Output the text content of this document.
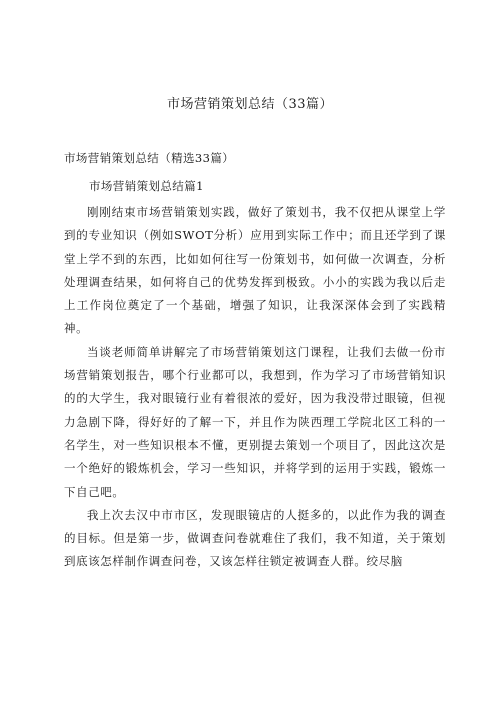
市场营销策划总结（33篇）
市场营销策划总结（精选33篇）
市场营销策划总结篇1

刚刚结束市场营销策划实践，做好了策划书，我不仅把从课堂上学到的专业知识（例如SWOT分析）应用到实际工作中；而且还学到了课堂上学不到的东西，比如如何往写一份策划书，如何做一次调查，分析处理调查结果，如何将自己的优势发挥到极致。小小的实践为我以后走上工作岗位奠定了一个基础，增强了知识，让我深深体会到了实践精神。

当谈老师简单讲解完了市场营销策划这门课程，让我们去做一份市场营销策划报告，哪个行业都可以，我想到，作为学习了市场营销知识的的大学生，我对眼镜行业有着很浓的爱好，因为我没带过眼镜，但视力急剧下降，得好好的了解一下，并且作为陕西理工学院北区工科的一名学生，对一些知识根本不懂，更别提去策划一个项目了，因此这次是一个绝好的锻炼机会，学习一些知识，并将学到的运用于实践，锻炼一下自己吧。

我上次去汉中市市区，发现眼镜店的人挺多的，以此作为我的调查的目标。但是第一步，做调查问卷就难住了我们，我不知道，关于策划到底该怎样制作调查问卷，又该怎样往锁定被调查人群。绞尽脑
